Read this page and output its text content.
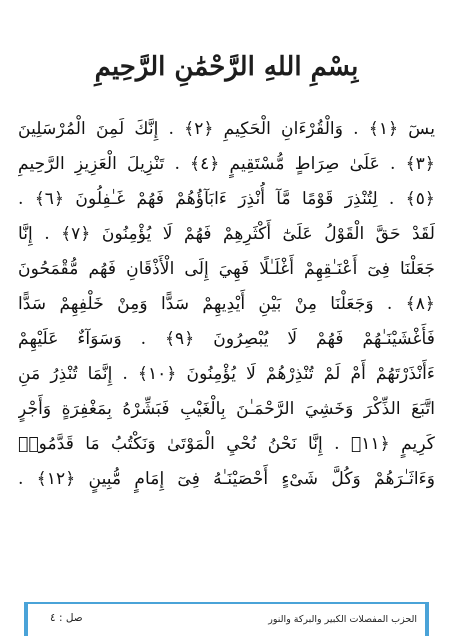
بِسْمِ اللهِ الرَّحْمَٰنِ الرَّحِيمِ
يسٓ ﴿١﴾ . وَالْقُرْءَانِ الْحَكِيمِ ﴿٢﴾ . إِنَّكَ لَمِنَ الْمُرْسَلِينَ
﴿٣﴾ . عَلَىٰ صِرَاطٍ مُّسْتَقِيمٍ ﴿٤﴾ . تَنْزِيلَ الْعَزِيزِ الرَّحِيمِ
﴿٥﴾ . لِتُنْذِرَ قَوْمًا مَّآ أُنْذِرَ ءَابَآؤُهُمْ فَهُمْ غَـٰفِلُونَ ﴿٦﴾ .
لَقَدْ حَقَّ الْقَوْلُ عَلَىٰٓ أَكْثَرِهِمْ فَهُمْ لَا يُؤْمِنُونَ ﴿٧﴾ . إِنَّا
جَعَلْنَا فِىٓ أَعْنَـٰقِهِمْ أَغْلَـٰلًا فَهِيَ إِلَى الْأَذْقَانِ فَهُم مُّقْمَحُونَ
﴿٨﴾ . وَجَعَلْنَا مِنْ بَيْنِ أَيْدِيهِمْ سَدًّا وَمِنْ خَلْفِهِمْ سَدًّا
فَأَغْشَيْنَـٰهُمْ فَهُمْ لَا يُبْصِرُونَ ﴿٩﴾ . وَسَوَآءٌ عَلَيْهِمْ
ءَأَنْذَرْتَهُمْ أَمْ لَمْ تُنْذِرْهُمْ لَا يُؤْمِنُونَ ﴿١٠﴾ . إِنَّمَا تُنْذِرُ مَنِ
اتَّبَعَ الذِّكْرَ وَخَشِيَ الرَّحْمَـٰنَ بِالْغَيْبِ فَبَشِّرْهُ بِمَغْفِرَةٍ وَأَجْرٍ
كَرِيمٍ ﴿١١﴾ . إِنَّا نَحْنُ نُحْيِ الْمَوْتَىٰ وَنَكْتُبُ مَا قَدَّمُوا۟
وَءَاثَـٰرَهُمْ وَكُلَّ شَىْءٍ أَحْصَيْنَـٰهُ فِىٓ إِمَامٍ مُّبِينٍ ﴿١٢﴾ .
الحزب المفصلات الكبير والبركة والنور
صل : ٤
